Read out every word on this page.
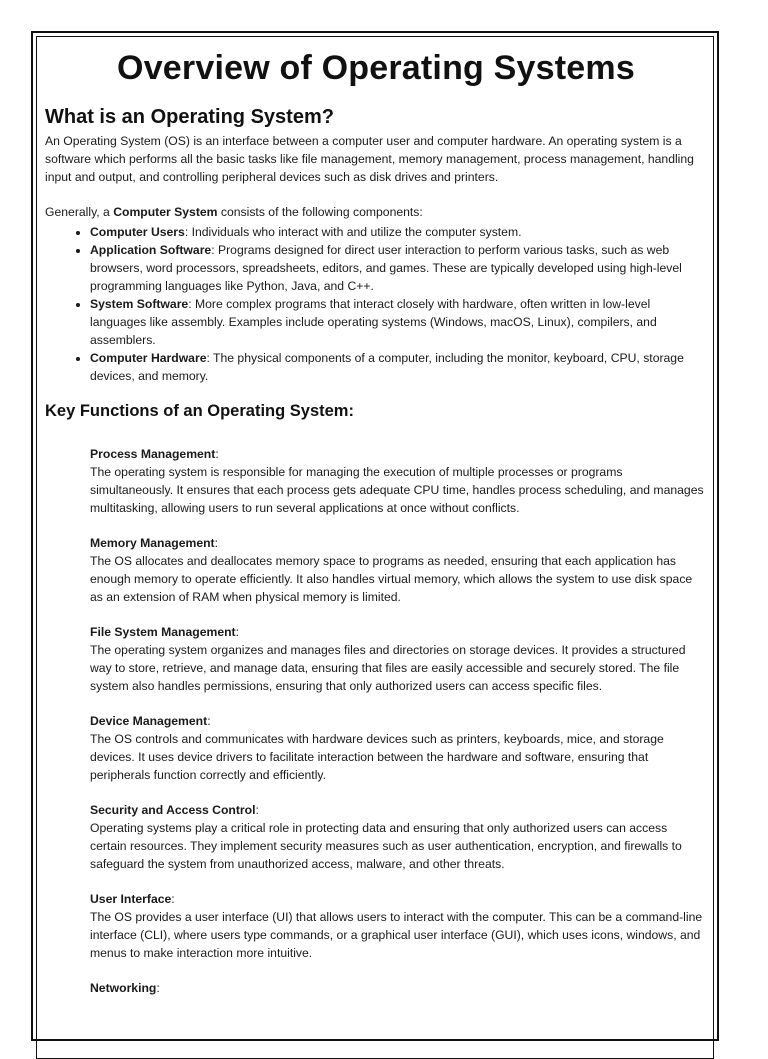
Overview of Operating Systems
What is an Operating System?

An Operating System (OS) is an interface between a computer user and computer hardware. An operating system is a software which performs all the basic tasks like file management, memory management, process management, handling input and output, and controlling peripheral devices such as disk drives and printers.

Generally, a Computer System consists of the following components:

• Computer Users: Individuals who interact with and utilize the computer system.
• Application Software: Programs designed for direct user interaction to perform various tasks, such as web browsers, word processors, spreadsheets, editors, and games. These are typically developed using high-level programming languages like Python, Java, and C++.
• System Software: More complex programs that interact closely with hardware, often written in low-level languages like assembly. Examples include operating systems (Windows, macOS, Linux), compilers, and assemblers.
• Computer Hardware: The physical components of a computer, including the monitor, keyboard, CPU, storage devices, and memory.
Key Functions of an Operating System:

Process Management:

The operating system is responsible for managing the execution of multiple processes or programs simultaneously. It ensures that each process gets adequate CPU time, handles process scheduling, and manages multitasking, allowing users to run several applications at once without conflicts.

Memory Management:

The OS allocates and deallocates memory space to programs as needed, ensuring that each application has enough memory to operate efficiently. It also handles virtual memory, which allows the system to use disk space as an extension of RAM when physical memory is limited.

File System Management:

The operating system organizes and manages files and directories on storage devices. It provides a structured way to store, retrieve, and manage data, ensuring that files are easily accessible and securely stored. The file system also handles permissions, ensuring that only authorized users can access specific files.

Device Management:

The OS controls and communicates with hardware devices such as printers, keyboards, mice, and storage devices. It uses device drivers to facilitate interaction between the hardware and software, ensuring that peripherals function correctly and efficiently.

Security and Access Control:

Operating systems play a critical role in protecting data and ensuring that only authorized users can access certain resources. They implement security measures such as user authentication, encryption, and firewalls to safeguard the system from unauthorized access, malware, and other threats.

User Interface:

The OS provides a user interface (UI) that allows users to interact with the computer. This can be a command-line interface (CLI), where users type commands, or a graphical user interface (GUI), which uses icons, windows, and menus to make interaction more intuitive.

Networking:
